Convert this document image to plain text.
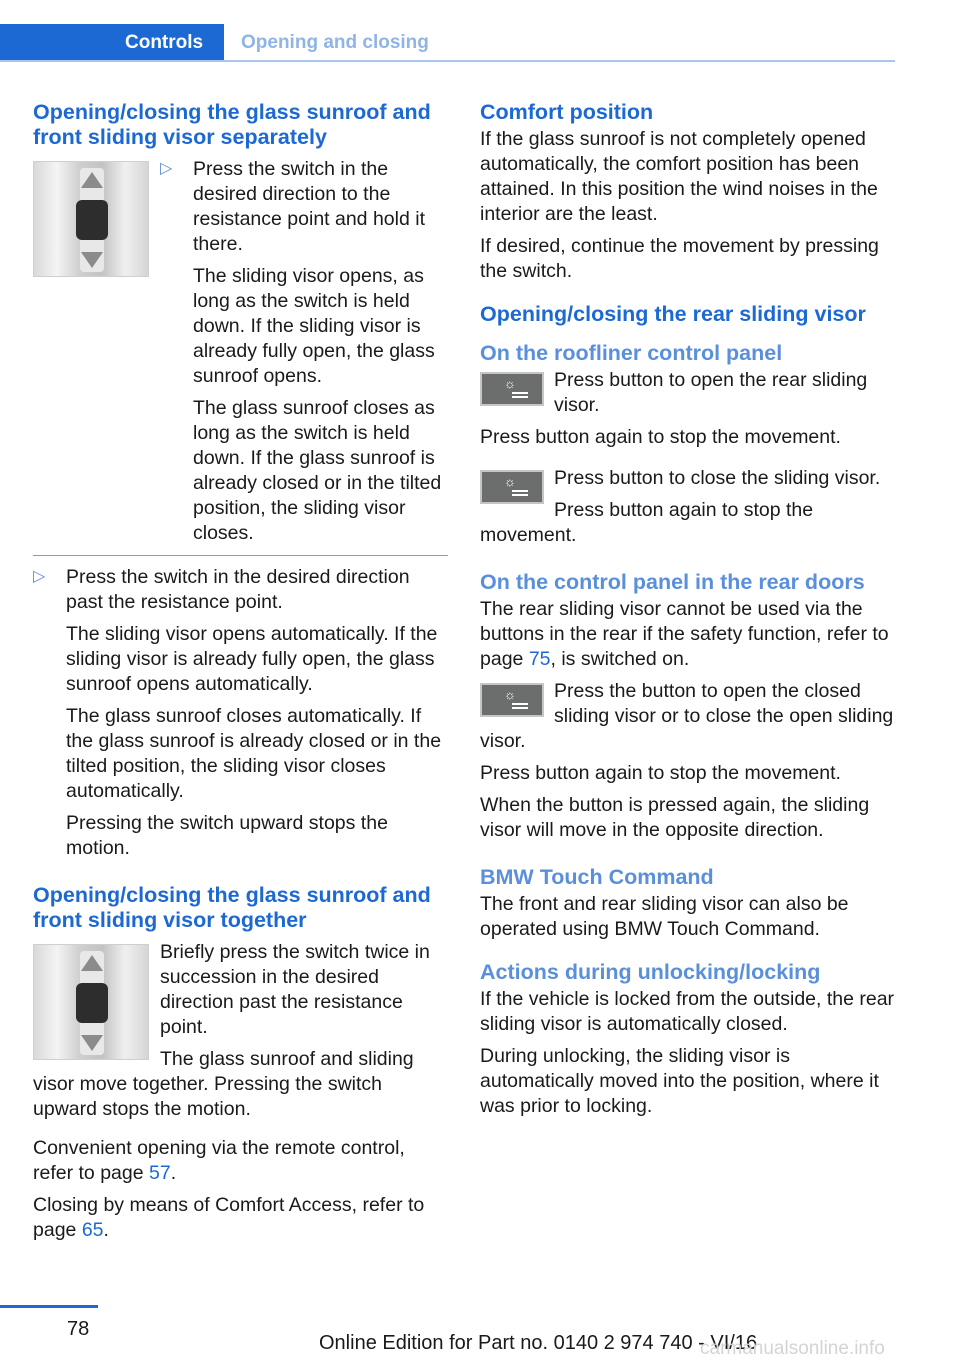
Controls	Opening and closing
Opening/closing the glass sunroof and front sliding visor separately
▷ Press the switch in the desired direction to the resistance point and hold it there.

The sliding visor opens, as long as the switch is held down. If the sliding visor is already fully open, the glass sunroof opens.

The glass sunroof closes as long as the switch is held down. If the glass sunroof is already closed or in the tilted position, the sliding visor closes.

▷ Press the switch in the desired direction past the resistance point.

The sliding visor opens automatically. If the sliding visor is already fully open, the glass sunroof opens automatically.

The glass sunroof closes automatically. If the glass sunroof is already closed or in the tilted position, the sliding visor closes automatically.

Pressing the switch upward stops the motion.

Opening/closing the glass sunroof and front sliding visor together

Briefly press the switch twice in succession in the desired direction past the resistance point.

The glass sunroof and sliding visor move together. Pressing the switch upward stops the motion.

Convenient opening via the remote control, refer to page 57.

Closing by means of Comfort Access, refer to page 65.

Comfort position

If the glass sunroof is not completely opened automatically, the comfort position has been attained. In this position the wind noises in the interior are the least.

If desired, continue the movement by pressing the switch.

Opening/closing the rear sliding visor
On the roofliner control panel
☼	Press button to open the rear sliding visor.

Press button again to stop the movement.

☼	Press button to close the sliding visor.

Press button again to stop the movement.

On the control panel in the rear doors

The rear sliding visor cannot be used via the buttons in the rear if the safety function, refer to page 75, is switched on.

☼	Press the button to open the closed sliding visor or to close the open sliding visor.

Press button again to stop the movement.

When the button is pressed again, the sliding visor will move in the opposite direction.

BMW Touch Command

The front and rear sliding visor can also be operated using BMW Touch Command.

Actions during unlocking/locking

If the vehicle is locked from the outside, the rear sliding visor is automatically closed.

During unlocking, the sliding visor is automatically moved into the position, where it was prior to locking.

78
Online Edition for Part no. 0140 2 974 740 - VI/16
carmanualsonline.info
